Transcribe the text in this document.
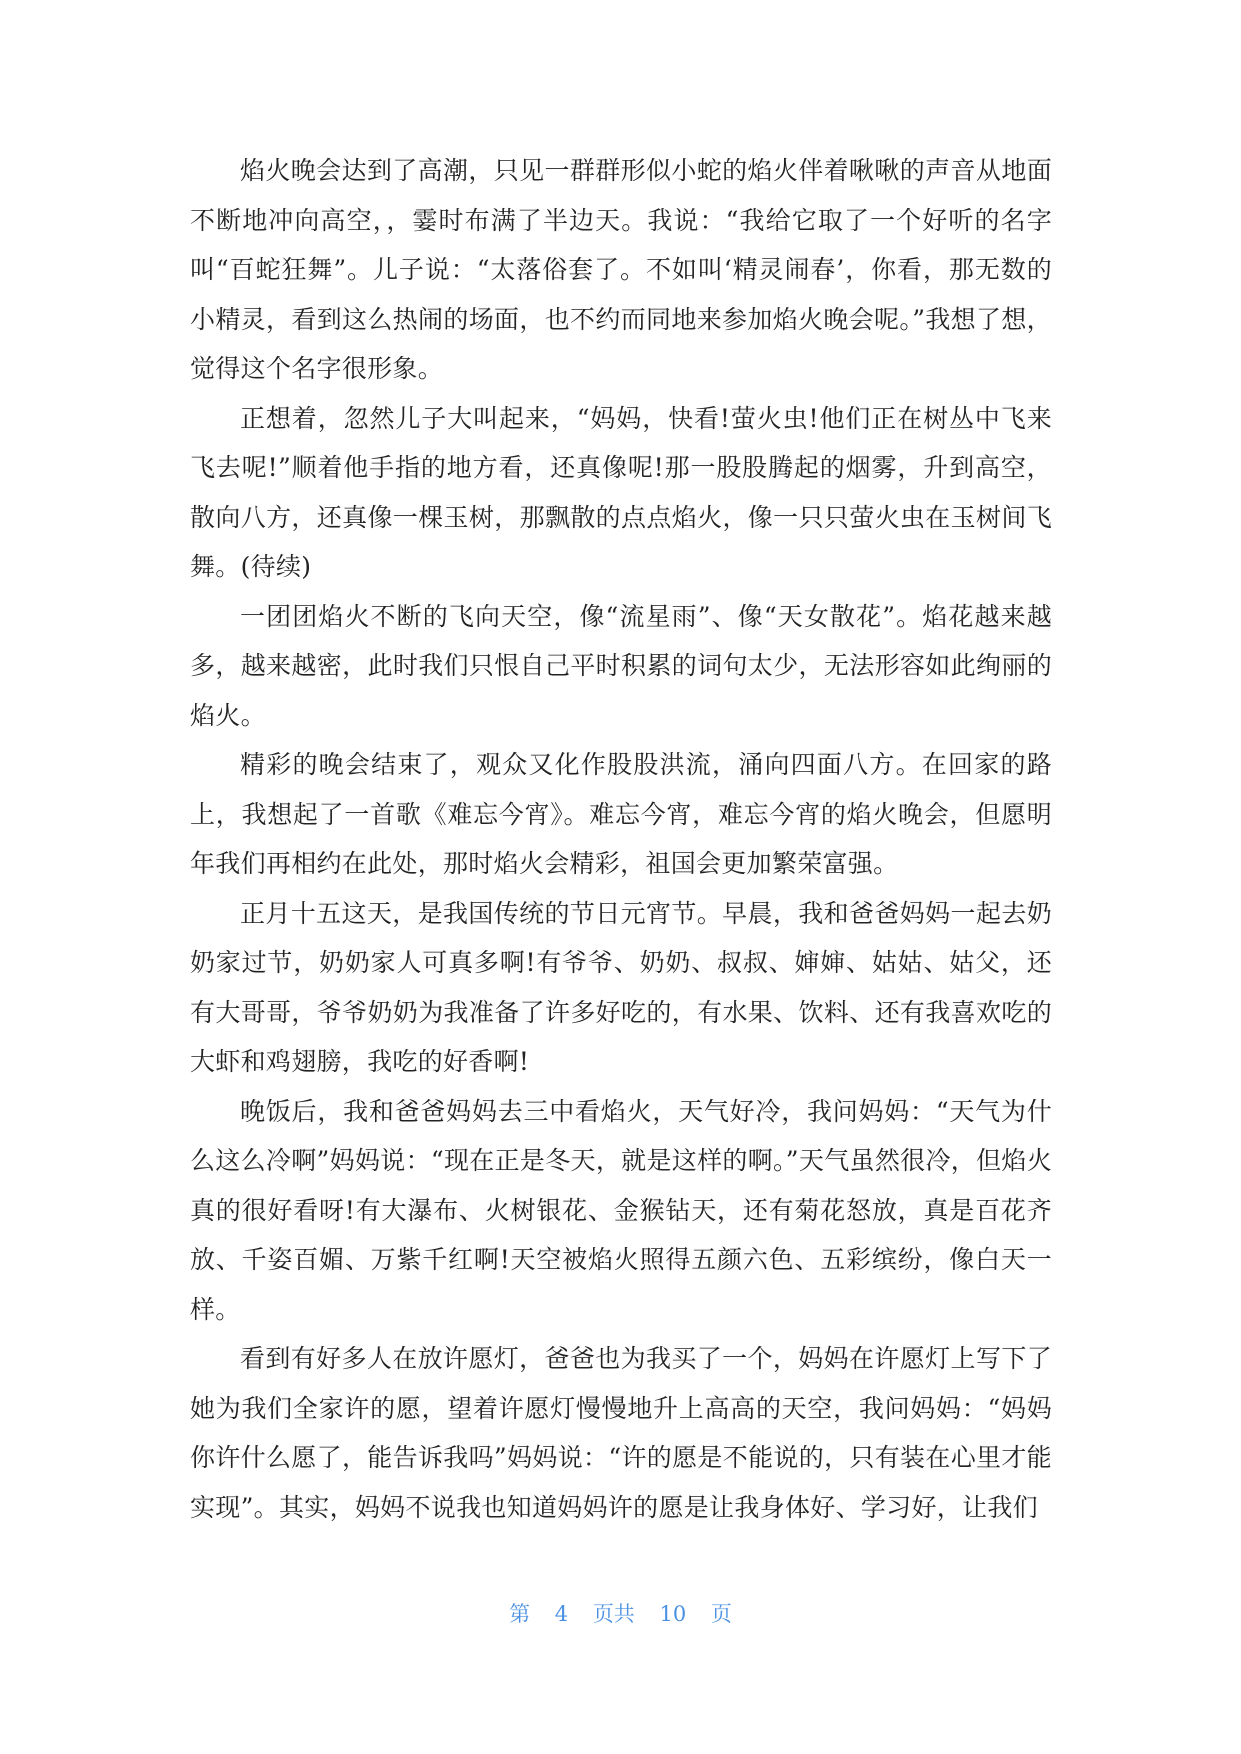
焰火晚会达到了高潮，只见一群群形似小蛇的焰火伴着啾啾的声音从地面不断地冲向高空，，霎时布满了半边天。我说：“我给它取了一个好听的名字叫“百蛇狂舞”。儿子说：“太落俗套了。不如叫‘精灵闹春’，你看，那无数的小精灵，看到这么热闹的场面，也不约而同地来参加焰火晚会呢。”我想了想，觉得这个名字很形象。

正想着，忽然儿子大叫起来，“妈妈，快看!萤火虫!他们正在树丛中飞来飞去呢!”顺着他手指的地方看，还真像呢!那一股股腾起的烟雾，升到高空，散向八方，还真像一棵玉树，那飘散的点点焰火，像一只只萤火虫在玉树间飞舞。(待续)

一团团焰火不断的飞向天空，像“流星雨”、像“天女散花”。焰花越来越多，越来越密，此时我们只恨自己平时积累的词句太少，无法形容如此绚丽的焰火。

精彩的晚会结束了，观众又化作股股洪流，涌向四面八方。在回家的路上，我想起了一首歌《难忘今宵》。难忘今宵，难忘今宵的焰火晚会，但愿明年我们再相约在此处，那时焰火会精彩，祖国会更加繁荣富强。

正月十五这天，是我国传统的节日元宵节。早晨，我和爸爸妈妈一起去奶奶家过节，奶奶家人可真多啊!有爷爷、奶奶、叔叔、婶婶、姑姑、姑父，还有大哥哥，爷爷奶奶为我准备了许多好吃的，有水果、饮料、还有我喜欢吃的大虾和鸡翅膀，我吃的好香啊!

晚饭后，我和爸爸妈妈去三中看焰火，天气好冷，我问妈妈：“天气为什么这么冷啊”妈妈说：“现在正是冬天，就是这样的啊。”天气虽然很冷，但焰火真的很好看呀!有大瀑布、火树银花、金猴钻天，还有菊花怒放，真是百花齐放、千姿百媚、万紫千红啊!天空被焰火照得五颜六色、五彩缤纷，像白天一样。

看到有好多人在放许愿灯，爸爸也为我买了一个，妈妈在许愿灯上写下了她为我们全家许的愿，望着许愿灯慢慢地升上高高的天空，我问妈妈：“妈妈你许什么愿了，能告诉我吗”妈妈说：“许的愿是不能说的，只有装在心里才能实现”。其实，妈妈不说我也知道妈妈许的愿是让我身体好、学习好，让我们

第 4 页共 10 页
